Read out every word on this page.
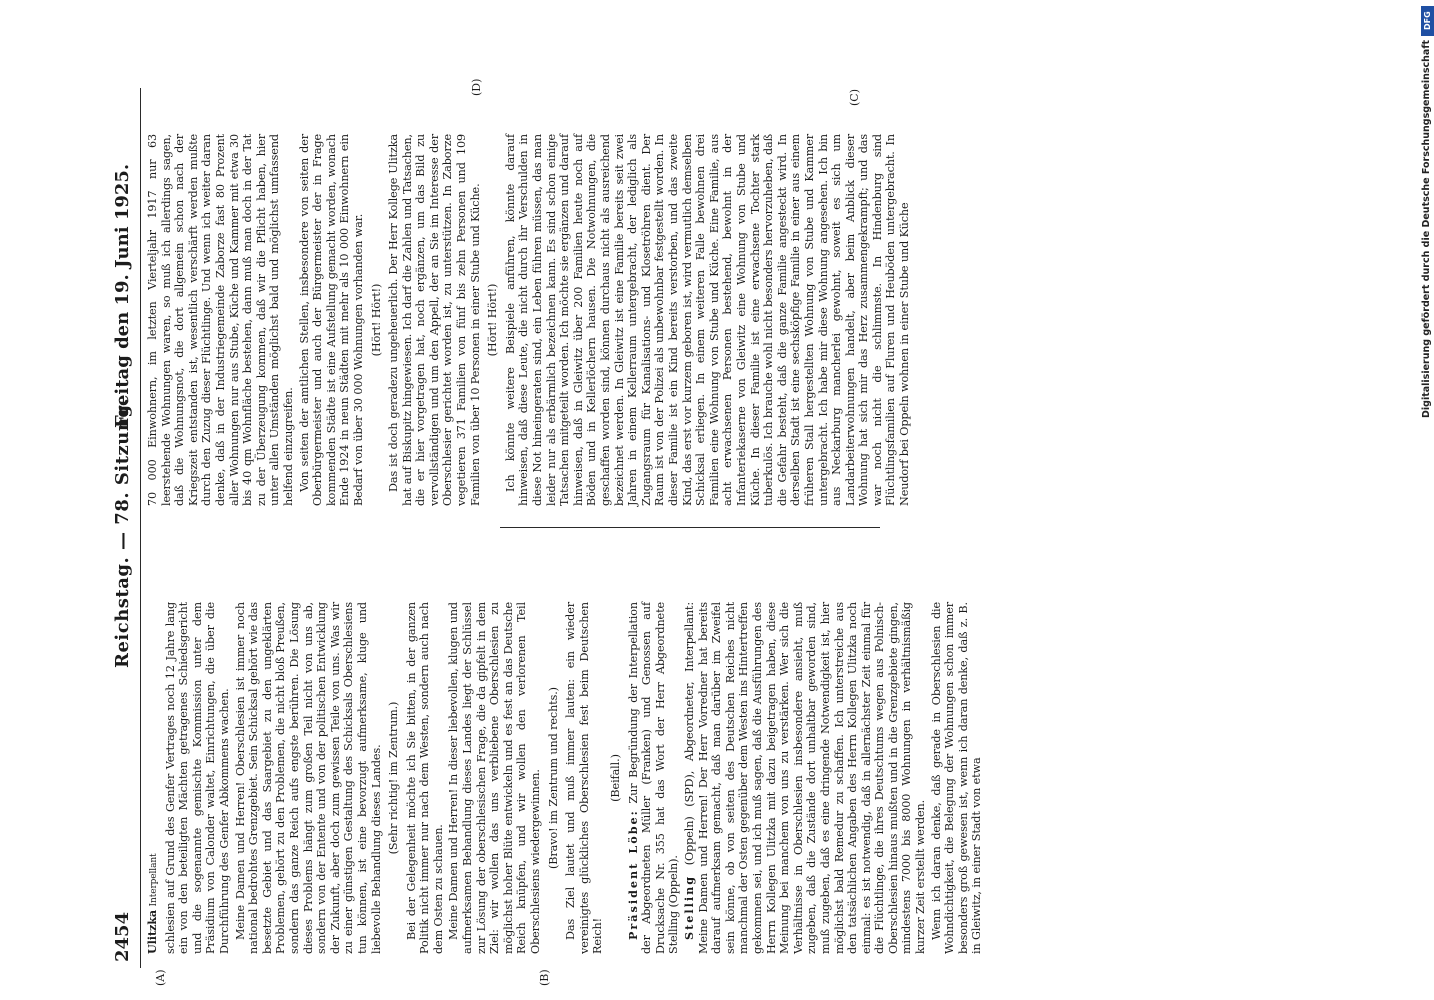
2454
Reichstag. — 78. Sitzung.
Freitag den 19. Juni 1925.
(A)	(B)
(C)
(D)

Ulitzka Interpellant schlesien auf Grund des Genfer Vertrages noch 12 Jahre lang ein von den beteiligten Mächten getragenes Schiedsgericht und die sogenannte gemischte Kommission unter dem Präsidium von Calonder waltet, Einrichtungen, die über die Durchführung des Genfer Abkommens wachen. Meine Damen und Herren! Oberschlesien ist immer noch national bedrohtes Grenzgebiet. Sein Schicksal gehört wie das besetzte Gebiet und das Saargebiet zu den ungeklärten Problemen, gehört zu den Problemen, die nicht bloß Preußen, sondern das ganze Reich aufs engste berühren. Die Lösung dieses Problems hängt zum großen Teil nicht von uns ab, sondern von der Entente und von der politischen Entwicklung der Zukunft, aber doch zum gewissen Teile von uns. Was wir zu einer günstigen Gestaltung des Schicksals Oberschlesiens tun können, ist eine bevorzugt aufmerksame, kluge und liebevolle Behandlung dieses Landes. (Sehr richtig! im Zentrum.) Bei der Gelegenheit möchte ich Sie bitten, in der ganzen Politik nicht immer nur nach dem Westen, sondern auch nach dem Osten zu schauen. Meine Damen und Herren! In dieser liebevollen, klugen und aufmerksamen Behandlung dieses Landes liegt der Schlüssel zur Lösung der oberschlesischen Frage, die da gipfelt in dem Ziel: wir wollen das uns verbliebene Oberschlesien zu möglichst hoher Blüte entwickeln und es fest an das Deutsche Reich knüpfen, und wir wollen den verlorenen Teil Oberschlesiens wiedergewinnen. (Bravo! im Zentrum und rechts.) Das Ziel lautet und muß immer lauten: ein wieder vereinigtes glückliches Oberschlesien fest beim Deutschen Reich!

(Beifall.)

Präsident Löbe: Zur Begründung der Interpellation der Abgeordneten Müller (Franken) und Genossen auf Drucksache Nr. 355 hat das Wort der Herr Abgeordnete Stelling (Oppeln). Stelling (Oppeln) (SPD), Abgeordneter, Interpellant: Meine Damen und Herren! Der Herr Vorredner hat bereits darauf aufmerksam gemacht, daß man darüber im Zweifel sein könne, ob von seiten des Deutschen Reiches nicht manchmal der Osten gegenüber dem Westen ins Hintertreffen gekommen sei, und ich muß sagen, daß die Ausführungen des Herrn Kollegen Ulitzka mit dazu beigetragen haben, diese Meinung bei manchem von uns zu verstärken. Wer sich die Verhältnisse in Oberschlesien insbesondere ansieht, muß zugeben, daß die Zustände dort unhaltbar geworden sind, muß zugeben, daß es eine dringende Notwendigkeit ist, hier möglichst bald Remedur zu schaffen. Ich unterstreiche aus den tatsächlichen Angaben des Herrn Kollegen Ulitzka noch einmal: es ist notwendig, daß in allernächster Zeit einmal für die Flüchtlinge, die ihres Deutschtums wegen aus Polnisch-Oberschlesien hinaus mußten und in die Grenzgebiete gingen, mindestens 7000 bis 8000 Wohnungen in verhältnismäßig kurzer Zeit erstellt werden. Wenn ich daran denke, daß gerade in Oberschlesien die Wohndichtigkeit, die Belegung der Wohnungen schon immer besonders groß gewesen ist, wenn ich daran denke, daß z. B. in Gleiwitz, in einer Stadt von etwa

70 000 Einwohnern, im letzten Vierteljahr 1917 nur 63 leerstehende Wohnungen waren, so muß ich allerdings sagen, daß die Wohnungsnot, die dort allgemein schon nach der Kriegszeit entstanden ist, wesentlich verschärft werden mußte durch den Zuzug dieser Flüchtlinge. Und wenn ich weiter daran denke, daß in der Industriegemeinde Zaborze fast 80 Prozent aller Wohnungen nur aus Stube, Küche und Kammer mit etwa 30 bis 40 qm Wohnfläche bestehen, dann muß man doch in der Tat zu der Überzeugung kommen, daß wir die Pflicht haben, hier unter allen Umständen möglichst bald und möglichst umfassend helfend einzugreifen. Von seiten der amtlichen Stellen, insbesondere von seiten der Oberbürgermeister und auch der Bürgermeister der in Frage kommenden Städte ist eine Aufstellung gemacht worden, wonach Ende 1924 in neun Städten mit mehr als 10 000 Einwohnern ein Bedarf von über 30 000 Wohnungen vorhanden war. (Hört! Hört!) Das ist doch geradezu ungeheuerlich. Der Herr Kollege Ulitzka hat auf Biskupitz hingewiesen. Ich darf die Zahlen und Tatsachen, die er hier vorgetragen hat, noch ergänzen, um das Bild zu vervollständigen und um den Appell, der an Sie im Interesse der Oberschlesier gerichtet worden ist, zu unterstützen. In Zaborze vegetieren 371 Familien von fünf bis zehn Personen und 109 Familien von über 10 Personen in einer Stube und Küche. (Hört! Hört!) Ich könnte weitere Beispiele anführen, könnte darauf hinweisen, daß diese Leute, die nicht durch ihr Verschulden in diese Not hineingeraten sind, ein Leben führen müssen, das man leider nur als erbärmlich bezeichnen kann. Es sind schon einige Tatsachen mitgeteilt worden. Ich möchte sie ergänzen und darauf hinweisen, daß in Gleiwitz über 200 Familien heute noch auf Böden und in Kellerlöchern hausen. Die Notwohnungen, die geschaffen worden sind, können durchaus nicht als ausreichend bezeichnet werden. In Gleiwitz ist eine Familie bereits seit zwei Jahren in einem Kellerraum untergebracht, der lediglich als Zugangsraum für Kanalisations- und Klosetröhren dient. Der Raum ist von der Polizei als unbewohnbar festgestellt worden. In dieser Familie ist ein Kind bereits verstorben, und das zweite Kind, das erst vor kurzem geboren ist, wird vermutlich demselben Schicksal erliegen. In einem weiteren Falle bewohnen drei Familien eine Wohnung von Stube und Küche. Eine Familie, aus acht erwachsenen Personen bestehend, bewohnt in der Infanteriekaserne von Gleiwitz eine Wohnung von Stube und Küche. In dieser Familie ist eine erwachsene Tochter stark tuberkulös. Ich brauche wohl nicht besonders hervorzuheben, daß die Gefahr besteht, daß die ganze Familie angesteckt wird. In derselben Stadt ist eine sechsköpfige Familie in einer aus einem früheren Stall hergestellten Wohnung von Stube und Kammer untergebracht. Ich habe mir diese Wohnung angesehen. Ich bin aus Neckarburg mancherlei gewohnt, soweit es sich um Landarbeiterwohnungen handelt, aber beim Anblick dieser Wohnung hat sich mir das Herz zusammengekrampft; und das war noch nicht die schlimmste. In Hindenburg sind Flüchtlingsfamilien auf Fluren und Heuböden untergebracht. In Neudorf bei Oppeln wohnen in einer Stube und Küche

DFG
Digitalisierung gefördert durch die Deutsche Forschungsgemeinschaft
